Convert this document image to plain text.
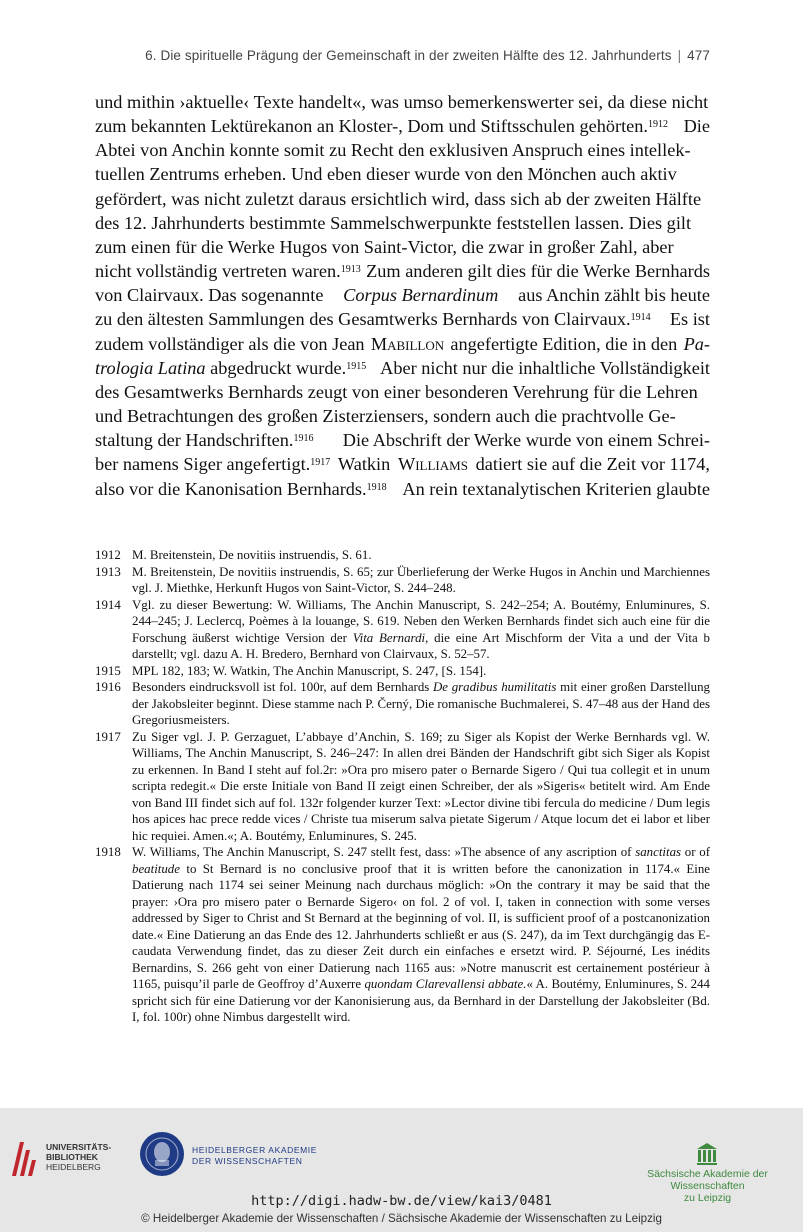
6. Die spirituelle Prägung der Gemeinschaft in der zweiten Hälfte des 12. Jahrhunderts | 477
und mithin ›aktuelle‹ Texte handelt«, was umso bemerkenswerter sei, da diese nicht
zum bekannten Lektürekanon an Kloster-, Dom und Stiftsschulen gehörten.$^{1912}$ Die
Abtei von Anchin konnte somit zu Recht den exklusiven Anspruch eines intellek-
tuellen Zentrums erheben. Und eben dieser wurde von den Mönchen auch aktiv
gefördert, was nicht zuletzt daraus ersichtlich wird, dass sich ab der zweiten Hälfte
des 12. Jahrhunderts bestimmte Sammelschwerpunkte feststellen lassen. Dies gilt
zum einen für die Werke Hugos von Saint-Victor, die zwar in großer Zahl, aber
nicht vollständig vertreten waren.$^{1913}$ Zum anderen gilt dies für die Werke Bernhards
von Clairvaux. Das sogenannte Corpus Bernardinum aus Anchin zählt bis heute
zu den ältesten Sammlungen des Gesamtwerks Bernhards von Clairvaux.$^{1914}$ Es ist
zudem vollständiger als die von Jean Mabillon angefertigte Edition, die in den Pa-
trologia Latina abgedruckt wurde.$^{1915}$ Aber nicht nur die inhaltliche Vollständigkeit
des Gesamtwerks Bernhards zeugt von einer besonderen Verehrung für die Lehren
und Betrachtungen des großen Zisterziensers, sondern auch die prachtvolle Ge-
staltung der Handschriften.$^{1916}$ Die Abschrift der Werke wurde von einem Schrei-
ber namens Siger angefertigt.$^{1917}$ Watkin Williams datiert sie auf die Zeit vor 1174,
also vor die Kanonisation Bernhards.$^{1918}$ An rein textanalytischen Kriterien glaubte
1912 M. Breitenstein, De novitiis instruendis, S. 61.
1913 M. Breitenstein, De novitiis instruendis, S. 65; zur Überlieferung der Werke Hugos in Anchin und Marchiennes vgl. J. Miethke, Herkunft Hugos von Saint-Victor, S. 244–248.
1914 Vgl. zu dieser Bewertung: W. Williams, The Anchin Manuscript, S. 242–254; A. Boutémy, Enluminures, S. 244–245; J. Leclercq, Poèmes à la louange, S. 619. Neben den Werken Bernhards findet sich auch eine für die Forschung äußerst wichtige Version der Vita Bernardi, die eine Art Mischform der Vita a und der Vita b darstellt; vgl. dazu A. H. Bredero, Bernhard von Clairvaux, S. 52–57.
1915 MPL 182, 183; W. Watkin, The Anchin Manuscript, S. 247, [S. 154].
1916 Besonders eindrucksvoll ist fol. 100r, auf dem Bernhards De gradibus humilitatis mit einer großen Darstellung der Jakobsleiter beginnt. Diese stamme nach P. Černý, Die romanische Buchmalerei, S. 47–48 aus der Hand des Gregoriusmeisters.
1917 Zu Siger vgl. J. P. Gerzaguet, L’abbaye d’Anchin, S. 169; zu Siger als Kopist der Werke Bernhards vgl. W. Williams, The Anchin Manuscript, S. 246–247: In allen drei Bänden der Handschrift gibt sich Siger als Kopist zu erkennen. In Band I steht auf fol.2r: »Ora pro misero pater o Bernarde Sigero / Qui tua collegit et in unum scripta redegit.« Die erste Initiale von Band II zeigt einen Schreiber, der als »Sigeris« betitelt wird. Am Ende von Band III findet sich auf fol. 132r folgender kurzer Text: »Lector divine tibi fercula do medicine / Dum legis hos apices hac prece redde vices / Christe tua miserum salva pietate Sigerum / Atque locum det ei labor et liber hic requiei. Amen.«; A. Boutémy, Enluminures, S. 245.
1918 W. Williams, The Anchin Manuscript, S. 247 stellt fest, dass: »The absence of any ascription of sanctitas or of beatitude to St Bernard is no conclusive proof that it is written before the canonization in 1174.« Eine Datierung nach 1174 sei seiner Meinung nach durchaus möglich: »On the contrary it may be said that the prayer: ›Ora pro misero pater o Bernarde Sigero‹ on fol. 2 of vol. I, taken in connection with some verses addressed by Siger to Christ and St Bernard at the beginning of vol. II, is sufficient proof of a postcanonization date.« Eine Datierung an das Ende des 12. Jahrhunderts schließt er aus (S. 247), da im Text durchgängig das E-caudata Verwendung findet, das zu dieser Zeit durch ein einfaches e ersetzt wird. P. Séjourné, Les inédits Bernardins, S. 266 geht von einer Datierung nach 1165 aus: »Notre manuscrit est certainement postérieur à 1165, puisqu’il parle de Geoffroy d’Auxerre quondam Clarevallensi abbate.« A. Boutémy, Enluminures, S. 244 spricht sich für eine Datierung vor der Kanonisierung aus, da Bernhard in der Darstellung der Jakobsleiter (Bd. I, fol. 100r) ohne Nimbus dargestellt wird.
UNIVERSITÄTS-
BIBLIOTHEK
HEIDELBERG
HEIDELBERGER AKADEMIE
DER WISSENSCHAFTEN
Sächsische Akademie der Wissenschaften
zu Leipzig
http://digi.hadw-bw.de/view/kai3/0481
© Heidelberger Akademie der Wissenschaften / Sächsische Akademie der Wissenschaften zu Leipzig
